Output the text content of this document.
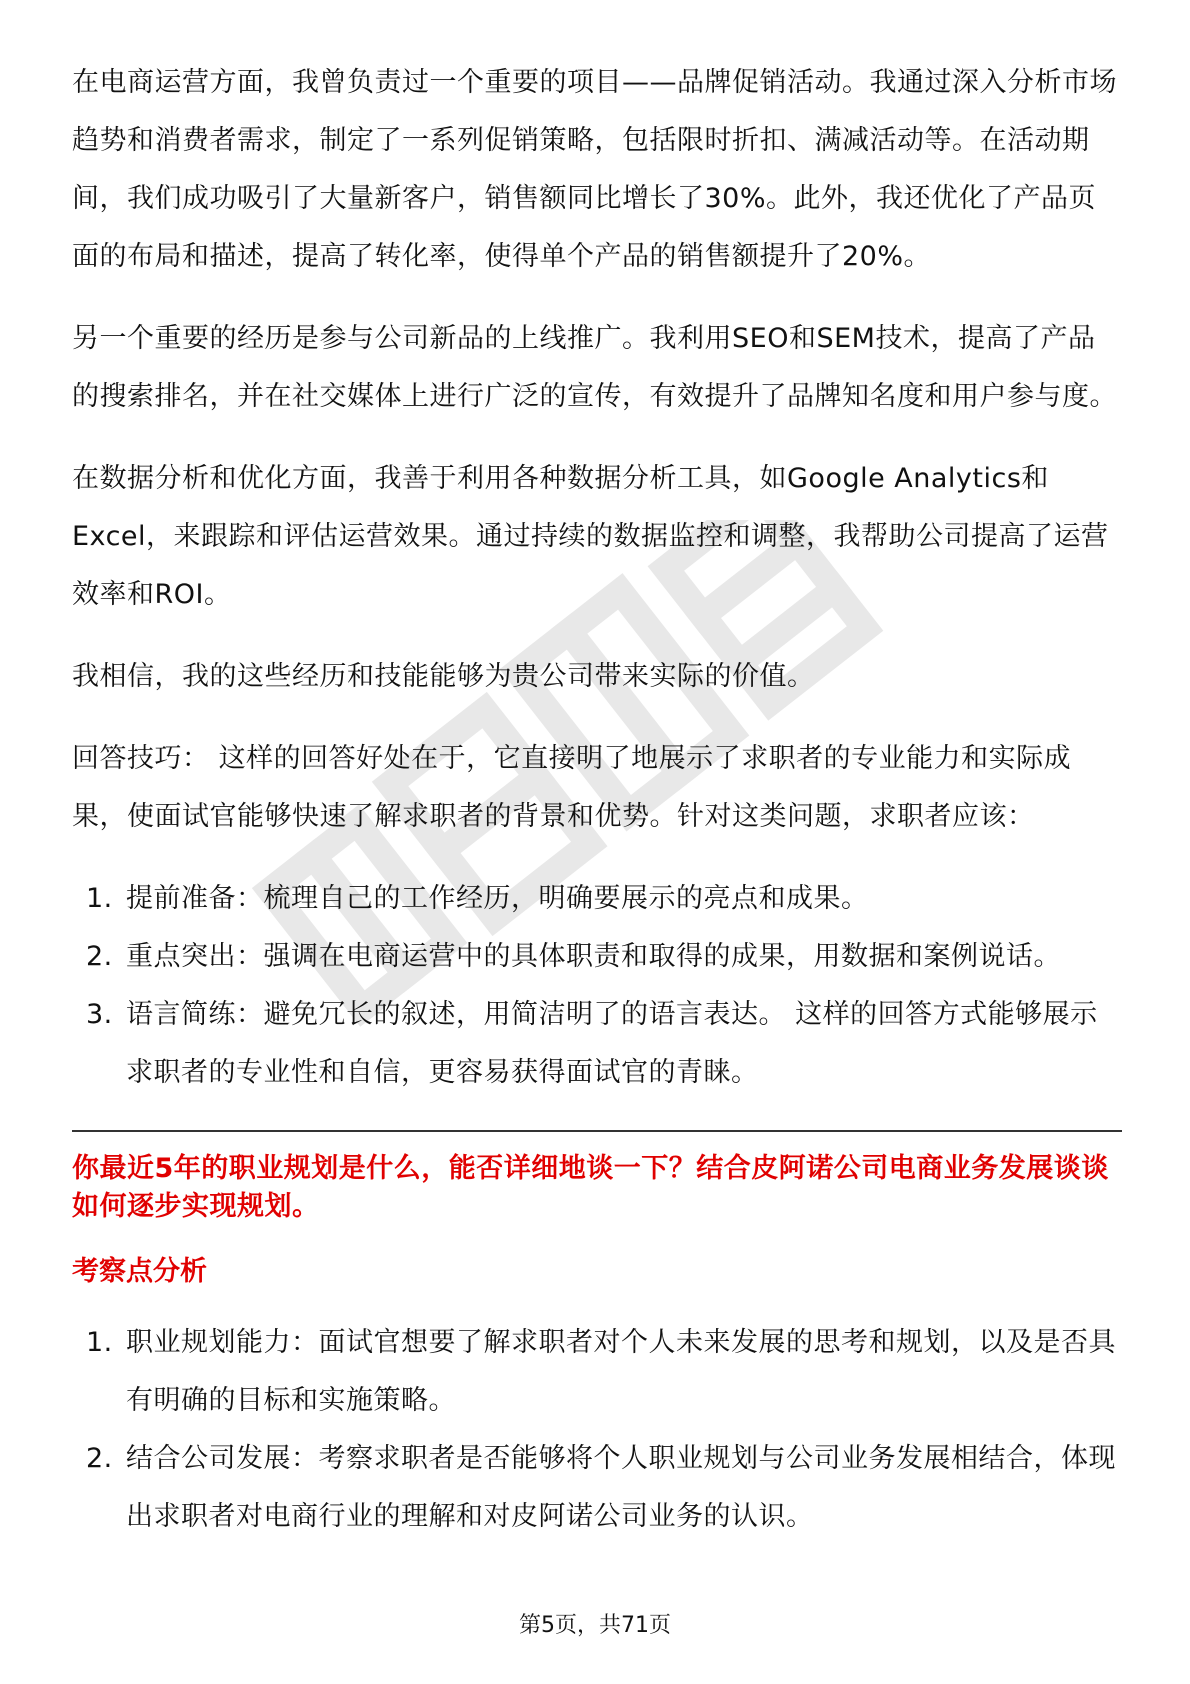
在电商运营方面，我曾负责过一个重要的项目——品牌促销活动。我通过深入分析市场趋势和消费者需求，制定了一系列促销策略，包括限时折扣、满减活动等。在活动期间，我们成功吸引了大量新客户，销售额同比增长了30%。此外，我还优化了产品页面的布局和描述，提高了转化率，使得单个产品的销售额提升了20%。

另一个重要的经历是参与公司新品的上线推广。我利用SEO和SEM技术，提高了产品的搜索排名，并在社交媒体上进行广泛的宣传，有效提升了品牌知名度和用户参与度。

在数据分析和优化方面，我善于利用各种数据分析工具，如Google Analytics和Excel，来跟踪和评估运营效果。通过持续的数据监控和调整，我帮助公司提高了运营效率和ROI。

我相信，我的这些经历和技能能够为贵公司带来实际的价值。

回答技巧： 这样的回答好处在于，它直接明了地展示了求职者的专业能力和实际成果，使面试官能够快速了解求职者的背景和优势。针对这类问题，求职者应该：

1. 提前准备：梳理自己的工作经历，明确要展示的亮点和成果。
2. 重点突出：强调在电商运营中的具体职责和取得的成果，用数据和案例说话。
3. 语言简练：避免冗长的叙述，用简洁明了的语言表达。 这样的回答方式能够展示求职者的专业性和自信，更容易获得面试官的青睐。

你最近5年的职业规划是什么，能否详细地谈一下？结合皮阿诺公司电商业务发展谈谈如何逐步实现规划。

考察点分析
1. 职业规划能力：面试官想要了解求职者对个人未来发展的思考和规划，以及是否具有明确的目标和实施策略。
2. 结合公司发展：考察求职者是否能够将个人职业规划与公司业务发展相结合，体现出求职者对电商行业的理解和对皮阿诺公司业务的认识。
第5页，共71页
